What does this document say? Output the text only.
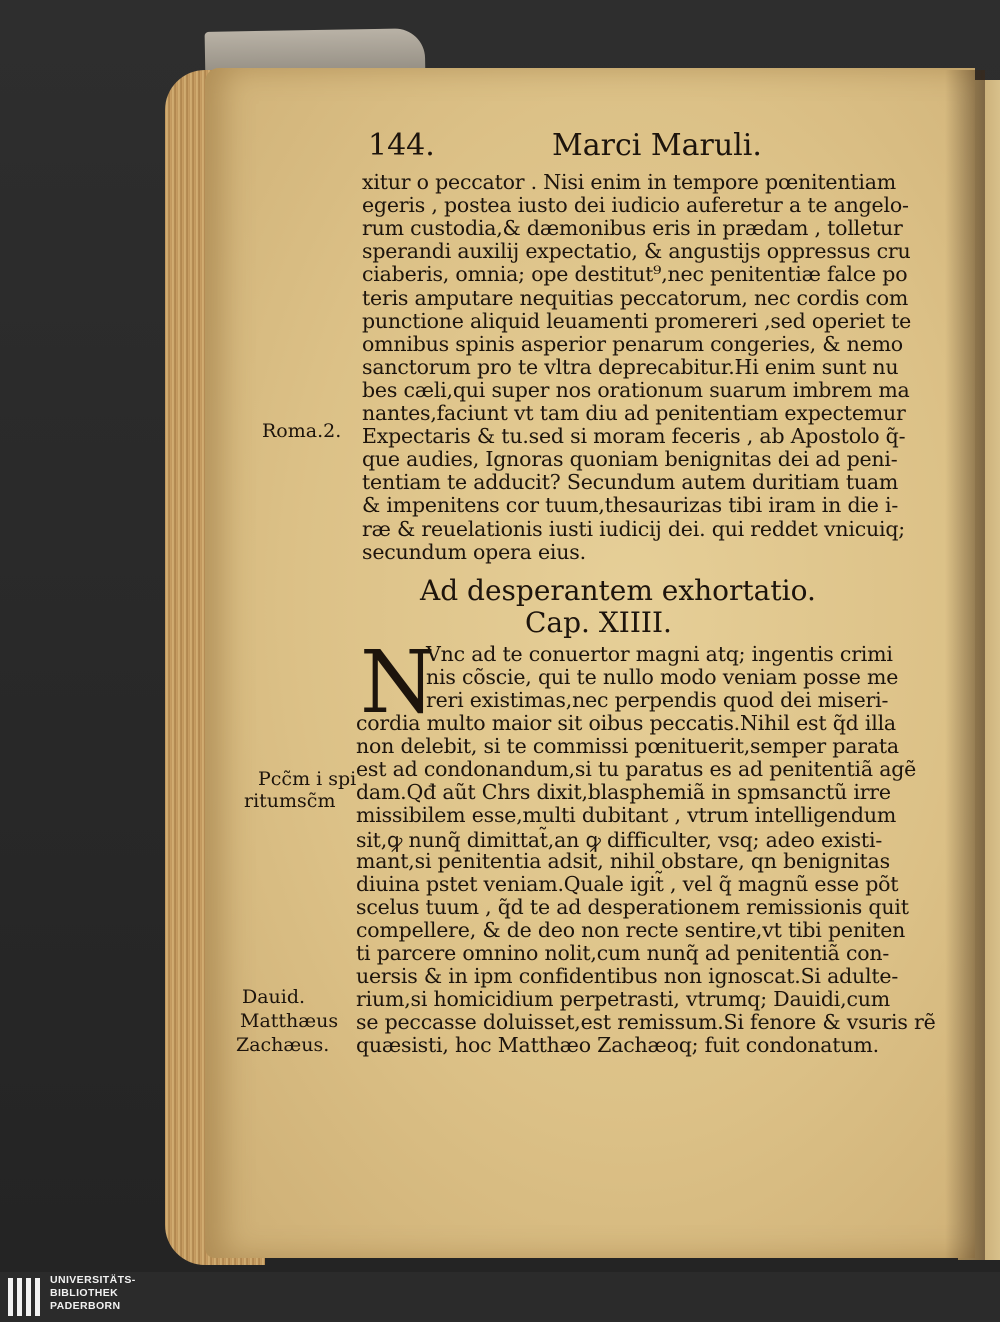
144.	Marci Maruli.
xitur o peccator . Nisi enim in tempore pœnitentiam
egeris , postea iusto dei iudicio auferetur a te angelo-
rum custodia,& dæmonibus eris in prædam , tolletur
sperandi auxilij expectatio, & angustijs oppressus cru
ciaberis, omnia; ope destitut⁹,nec penitentiæ falce po
teris amputare nequitias peccatorum, nec cordis com
punctione aliquid leuamenti promereri ,sed operiet te
omnibus spinis asperior penarum congeries, & nemo
sanctorum pro te vltra deprecabitur.Hi enim sunt nu
bes cæli,qui super nos orationum suarum imbrem ma
nantes,faciunt vt tam diu ad penitentiam expectemur
Expectaris & tu.sed si moram feceris , ab Apostolo q̃-
que audies, Ignoras quoniam benignitas dei ad peni-
tentiam te adducit? Secundum autem duritiam tuam
& impenitens cor tuum,thesaurizas tibi iram in die i-
ræ & reuelationis iusti iudicij dei. qui reddet vnicuiq;
secundum opera eius.
Ad desperantem exhortatio.
Cap. XIIII.
N
Vnc ad te conuertor magni atq; ingentis crimi
nis cõscie, qui te nullo modo veniam posse me
reri existimas,nec perpendis quod dei miseri-
cordia multo maior sit oibus peccatis.Nihil est q̃d illa
non delebit, si te commissi pœnituerit,semper parata
est ad condonandum,si tu paratus es ad penitentiã agẽ
dam.Qđ aũt Chrs dixit,blasphemiã in spmsanctũ irre
missibilem esse,multi dubitant , vtrum intelligendum
sit,ꝙ nunq̃ dimittat̃,an ꝙ difficulter, vsq; adeo existi-
mant,si penitentia adsit, nihil obstare, qn benignitas
diuina pstet veniam.Quale igit̃ , vel q̃ magnũ esse põt
scelus tuum , q̃d te ad desperationem remissionis quit
compellere, & de deo non recte sentire,vt tibi peniten
ti parcere omnino nolit,cum nunq̃ ad penitentiã con-
uersis & in ipm confidentibus non ignoscat.Si adulte-
rium,si homicidium perpetrasti, vtrumq; Dauidi,cum
se peccasse doluisset,est remissum.Si fenore & vsuris rẽ
quæsisti, hoc Matthæo Zachæoq; fuit condonatum.
Roma.2.
Pcc̃m i spi
ritumsc̃m
Dauid.
Matthæus
Zachæus.
UNIVERSITÄTS-
BIBLIOTHEK
PADERBORN
